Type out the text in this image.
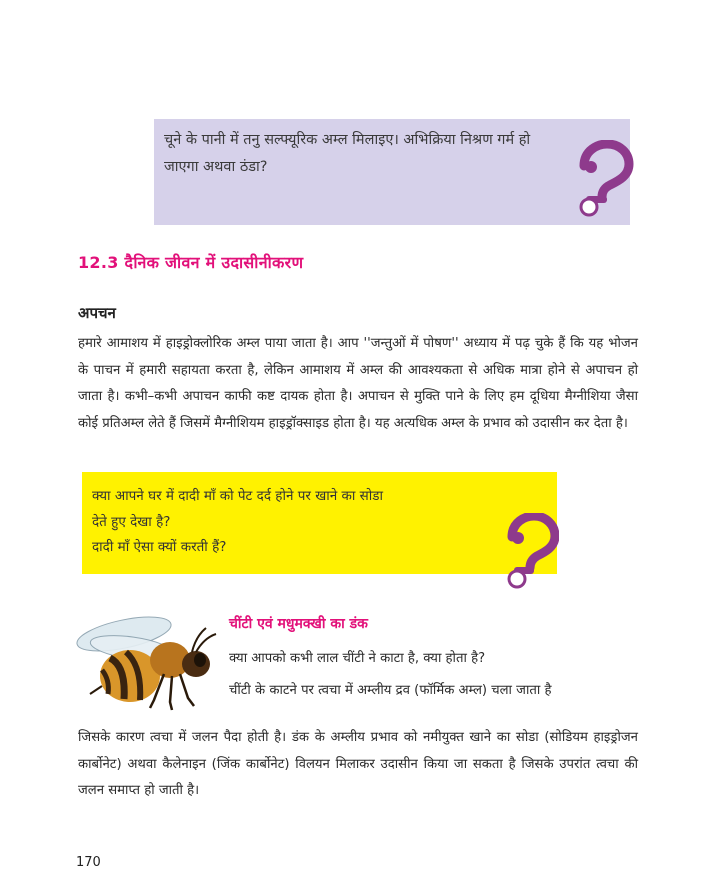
चूने के पानी में तनु सल्फ्यूरिक अम्ल मिलाइए। अभिक्रिया निश्रण गर्म हो जाएगा अथवा ठंडा?
12.3 दैनिक जीवन में उदासीनीकरण
अपचन
हमारे आमाशय में हाइड्रोक्लोरिक अम्ल पाया जाता है। आप ''जन्तुओं में पोषण'' अध्याय में पढ़ चुके हैं कि यह भोजन के पाचन में हमारी सहायता करता है, लेकिन आमाशय में अम्ल की आवश्यकता से अधिक मात्रा होने से अपाचन हो जाता है। कभी–कभी अपाचन काफी कष्ट दायक होता है। अपाचन से मुक्ति पाने के लिए हम दूधिया मैग्नीशिया जैसा कोई प्रतिअम्ल लेते हैं जिसमें मैग्नीशियम हाइड्रॉक्साइड होता है। यह अत्यधिक अम्ल के प्रभाव को उदासीन कर देता है।
क्या आपने घर में दादी माँ को पेट दर्द होने पर खाने का सोडा
देते हुए देखा है?
दादी माँ ऐसा क्यों करती हैं?
चींटी एवं मधुमक्खी का डंक
क्या आपको कभी लाल चींटी ने काटा है, क्या होता है?
चींटी के काटने पर त्वचा में अम्लीय द्रव (फॉर्मिक अम्ल) चला जाता है
जिसके कारण त्वचा में जलन पैदा होती है। डंक के अम्लीय प्रभाव को नमीयुक्त खाने का सोडा (सोडियम हाइड्रोजन कार्बोनेट) अथवा कैलेनाइन (जिंक कार्बोनेट) विलयन मिलाकर उदासीन किया जा सकता है जिसके उपरांत त्वचा की जलन समाप्त हो जाती है।
170
